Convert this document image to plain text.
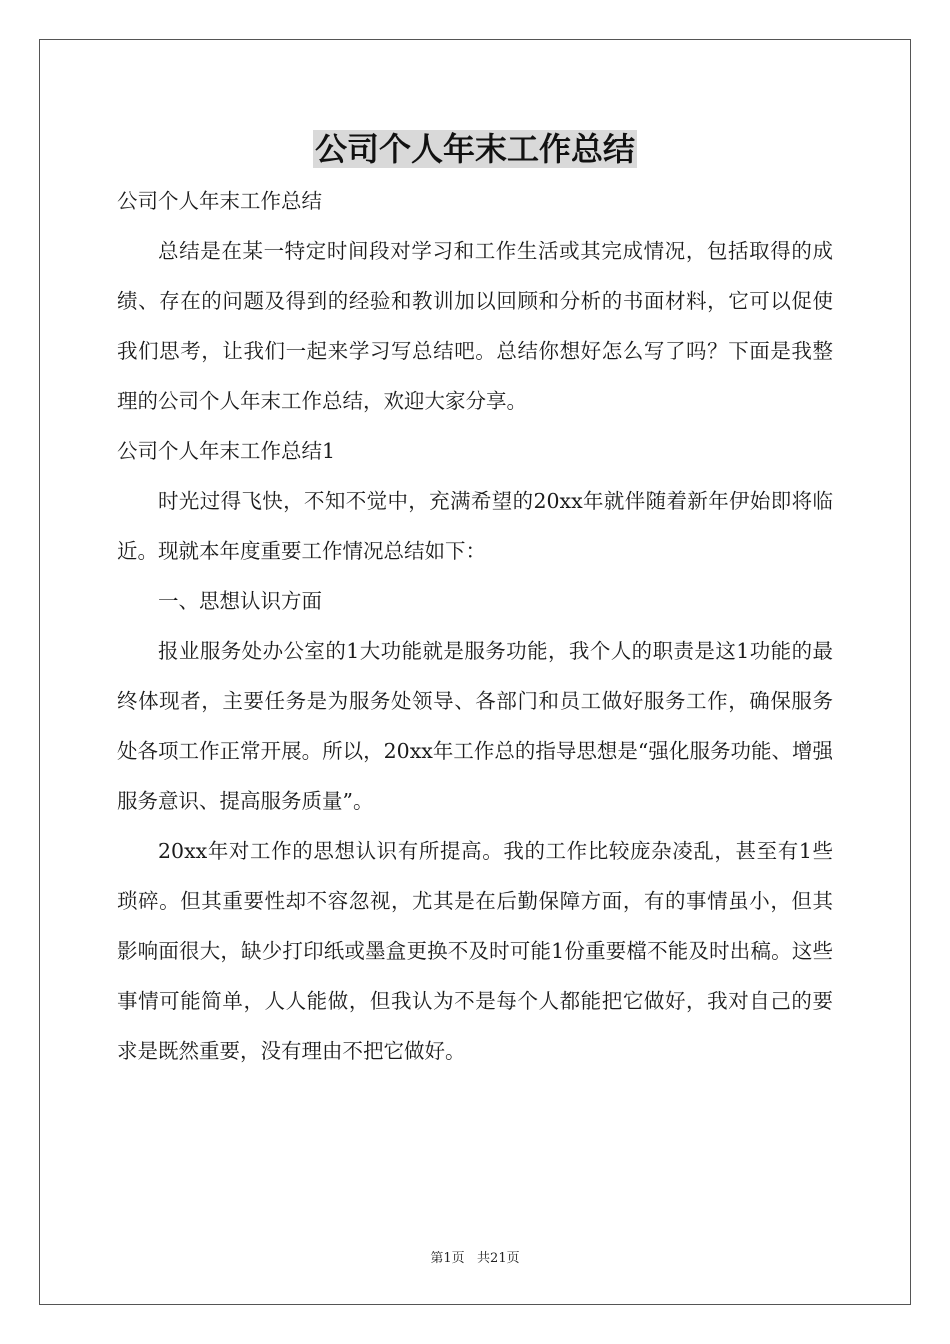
公司个人年末工作总结

公司个人年末工作总结

总结是在某一特定时间段对学习和工作生活或其完成情况，包括取得的成绩、存在的问题及得到的经验和教训加以回顾和分析的书面材料，它可以促使我们思考，让我们一起来学习写总结吧。总结你想好怎么写了吗？下面是我整理的公司个人年末工作总结，欢迎大家分享。

公司个人年末工作总结1

时光过得飞快，不知不觉中，充满希望的20xx年就伴随着新年伊始即将临近。现就本年度重要工作情况总结如下：

一、思想认识方面

报业服务处办公室的1大功能就是服务功能，我个人的职责是这1功能的最终体现者，主要任务是为服务处领导、各部门和员工做好服务工作，确保服务处各项工作正常开展。所以，20xx年工作总的指导思想是“强化服务功能、增强服务意识、提高服务质量”。

20xx年对工作的思想认识有所提高。我的工作比较庞杂凌乱，甚至有1些琐碎。但其重要性却不容忽视，尤其是在后勤保障方面，有的事情虽小，但其影响面很大，缺少打印纸或墨盒更换不及时可能1份重要檔不能及时出稿。这些事情可能简单，人人能做，但我认为不是每个人都能把它做好，我对自己的要求是既然重要，没有理由不把它做好。

第1页   共21页
